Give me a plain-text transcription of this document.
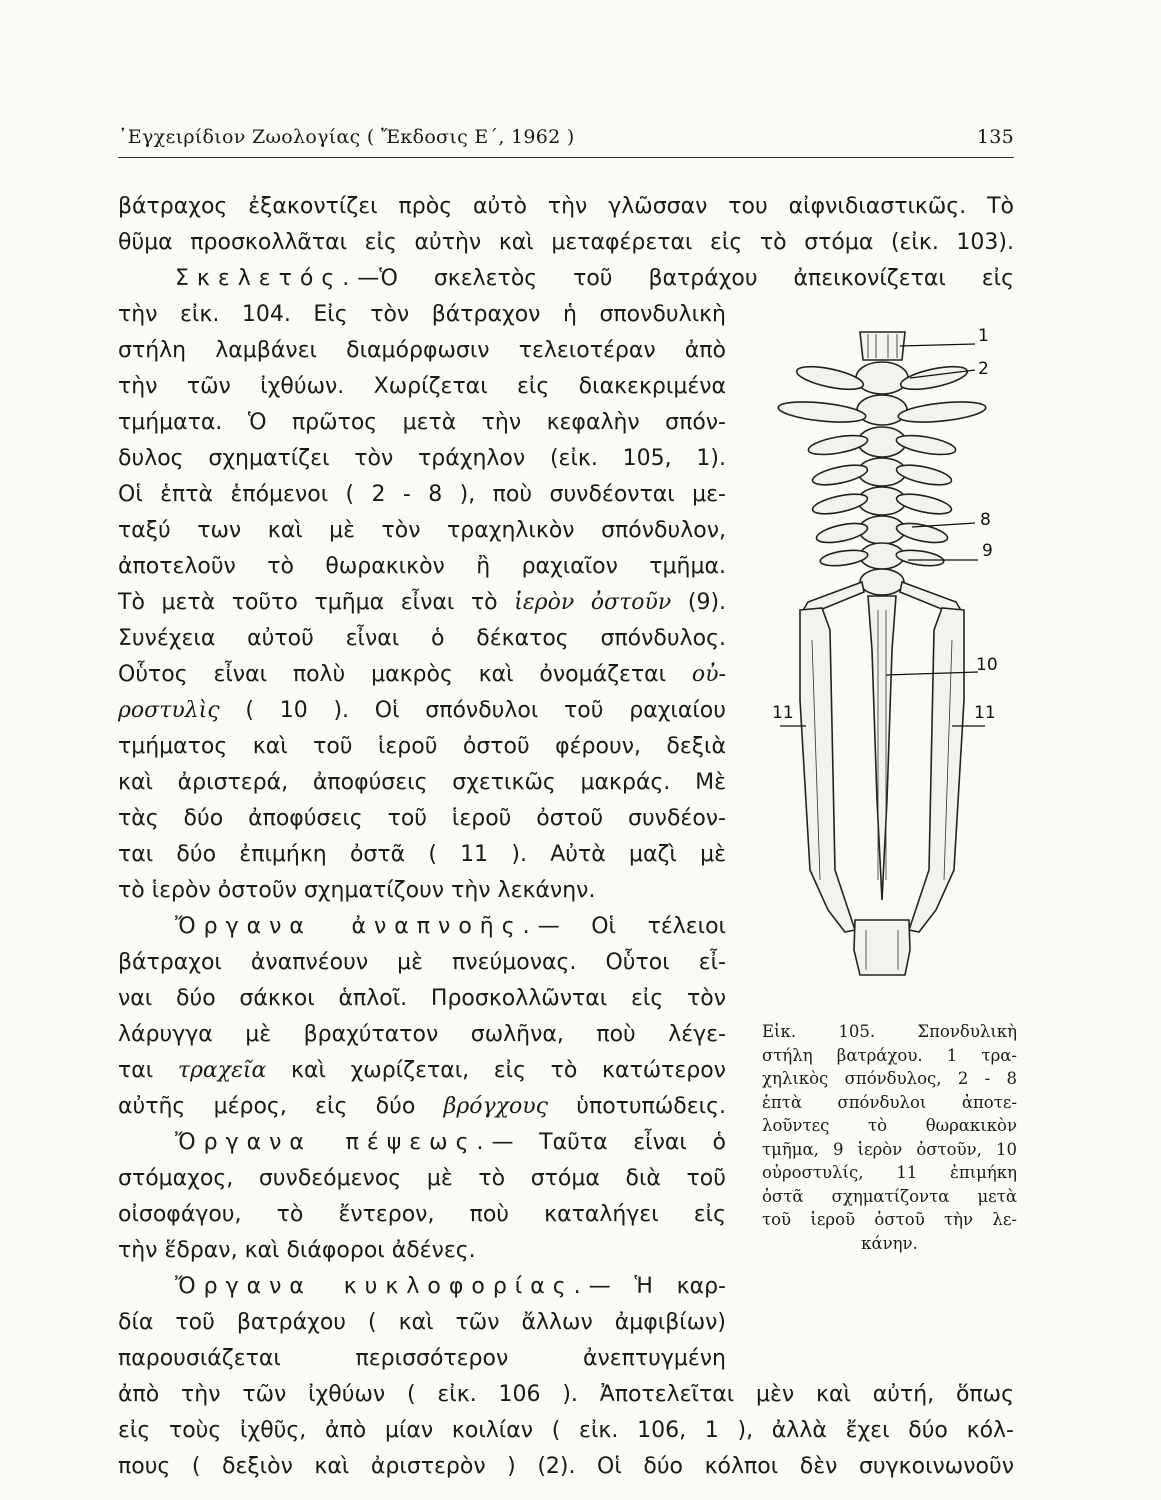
᾿Εγχειρίδιον Ζωολογίας ( Ἔκδοσις Ε΄, 1962 )	135
βάτραχος ἐξακοντίζει πρὸς αὐτὸ τὴν γλῶσσαν του αἰφνιδιαστικῶς. Τὸ
θῦμα προσκολλᾶται εἰς αὐτὴν καὶ μεταφέρεται εἰς τὸ στόμα (εἰκ. 103).
Σκελετός.—Ὁ σκελετὸς τοῦ βατράχου ἀπεικονίζεται εἰς
τὴν εἰκ. 104. Εἰς τὸν βάτραχον ἡ σπονδυλικὴ
στήλη λαμβάνει διαμόρφωσιν τελειοτέραν ἀπὸ
τὴν τῶν ἰχθύων. Χωρίζεται εἰς διακεκριμένα
τμήματα. Ὁ πρῶτος μετὰ τὴν κεφαλὴν σπόν-
δυλος σχηματίζει τὸν τράχηλον (εἰκ. 105, 1).
Οἱ ἑπτὰ ἑπόμενοι ( 2 - 8 ), ποὺ συνδέονται με-
ταξύ των καὶ μὲ τὸν τραχηλικὸν σπόνδυλον,
ἀποτελοῦν τὸ θωρακικὸν ἢ ραχιαῖον τμῆμα.
Τὸ μετὰ τοῦτο τμῆμα εἶναι τὸ ἱερὸν ὀστοῦν (9).
Συνέχεια αὐτοῦ εἶναι ὁ δέκατος σπόνδυλος.
Οὗτος εἶναι πολὺ μακρὸς καὶ ὀνομάζεται οὐ-
ροστυλὶς ( 10 ). Οἱ σπόνδυλοι τοῦ ραχιαίου
τμήματος καὶ τοῦ ἱεροῦ ὀστοῦ φέρουν, δεξιὰ
καὶ ἀριστερά, ἀποφύσεις σχετικῶς μακράς. Μὲ
τὰς δύο ἀποφύσεις τοῦ ἱεροῦ ὀστοῦ συνδέον-
ται δύο ἐπιμήκη ὀστᾶ ( 11 ). Αὐτὰ μαζὶ μὲ
τὸ ἱερὸν ὀστοῦν σχηματίζουν τὴν λεκάνην.
Ὄργανα ἀναπνοῆς.— Οἱ τέλειοι
βάτραχοι ἀναπνέουν μὲ πνεύμονας. Οὗτοι εἶ-
ναι δύο σάκκοι ἁπλοῖ. Προσκολλῶνται εἰς τὸν
λάρυγγα μὲ βραχύτατον σωλῆνα, ποὺ λέγε-
ται τραχεῖα καὶ χωρίζεται, εἰς τὸ κατώτερον
αὐτῆς μέρος, εἰς δύο βρόγχους ὑποτυπώδεις.
Ὄργανα πέψεως.— Ταῦτα εἶναι ὁ
στόμαχος, συνδεόμενος μὲ τὸ στόμα διὰ τοῦ
οἰσοφάγου, τὸ ἔντερον, ποὺ καταλήγει εἰς
τὴν ἕδραν, καὶ διάφοροι ἀδένες.
Ὄργανα κυκλοφορίας.— Ἡ καρ-
δία τοῦ βατράχου ( καὶ τῶν ἄλλων ἀμφιβίων)
παρουσιάζεται περισσότερον ἀνεπτυγμένη
ἀπὸ τὴν τῶν ἰχθύων ( εἰκ. 106 ). Ἀποτελεῖται μὲν καὶ αὐτή, ὅπως
εἰς τοὺς ἰχθῦς, ἀπὸ μίαν κοιλίαν ( εἰκ. 106, 1 ), ἀλλὰ ἔχει δύο κόλ-
πους ( δεξιὸν καὶ ἀριστερὸν ) (2). Οἱ δύο κόλποι δὲν συγκοινωνοῦν
1
2
8
9
10
11	11
Εἰκ. 105. Σπονδυλικὴ
στήλη βατράχου. 1 τρα-
χηλικὸς σπόνδυλος, 2 - 8
ἑπτὰ σπόνδυλοι ἀποτε-
λοῦντες τὸ θωρακικὸν
τμῆμα, 9 ἱερὸν ὀστοῦν, 10
οὐροστυλίς, 11 ἐπιμήκη
ὀστᾶ σχηματίζοντα μετὰ
τοῦ ἱεροῦ ὀστοῦ τὴν λε-
κάνην.
